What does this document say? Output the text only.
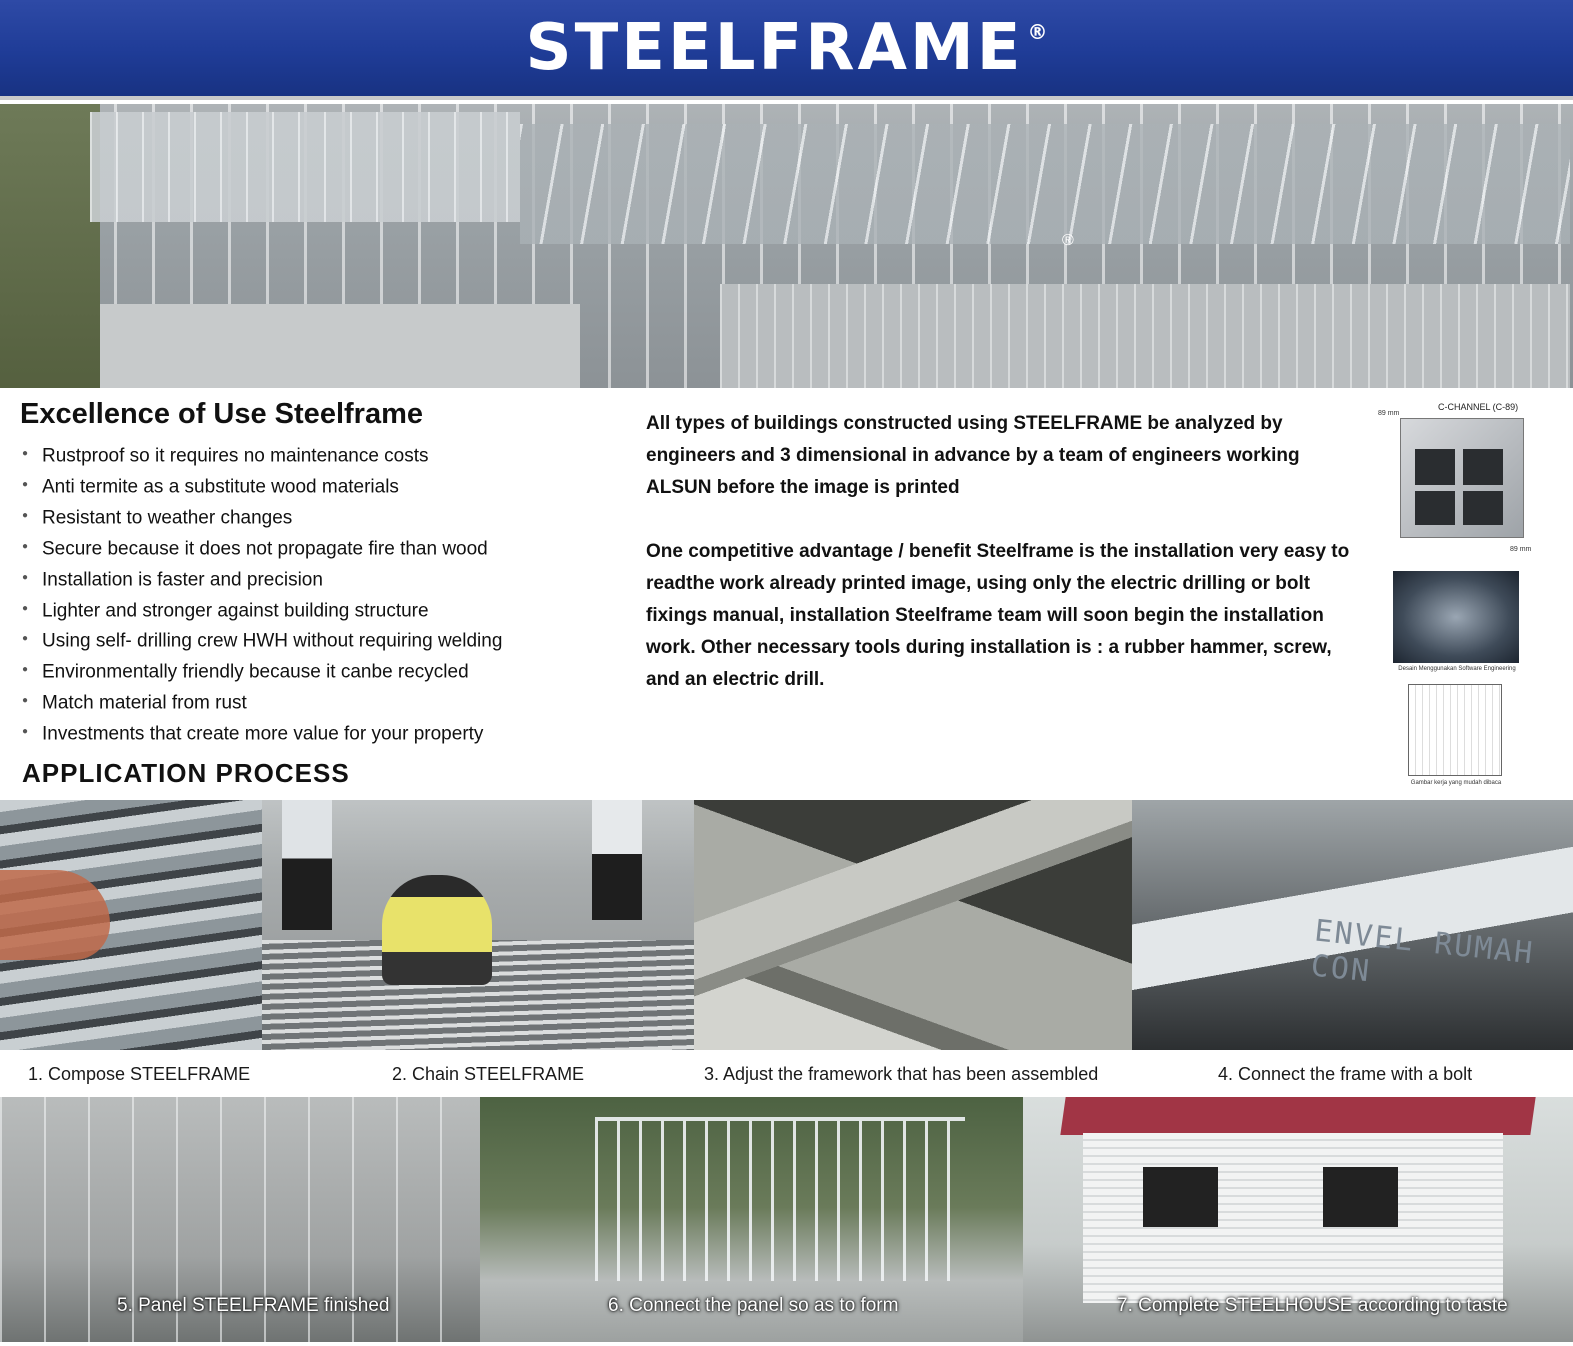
STEELFRAME ®
®
Excellence of Use Steelframe
● Rustproof so it requires no maintenance costs
● Anti termite as a substitute wood materials
● Resistant to weather changes
● Secure because it does not propagate fire than wood
● Installation is faster and precision
● Lighter and stronger against building structure
● Using self- drilling crew HWH without requiring welding
● Environmentally friendly because it canbe recycled
● Match material from rust
● Investments that create more value for your property
APPLICATION PROCESS
All types of buildings constructed using STEELFRAME be analyzed by engineers and 3 dimensional in advance by a team of engineers working ALSUN before the image is printed
One competitive advantage / benefit Steelframe is the installation very easy to readthe work already printed image, using only the electric drilling or bolt fixings manual, installation Steelframe team will soon begin the installation work. Other necessary tools during installation is : a rubber hammer, screw, and an electric drill.
C-CHANNEL (C-89)
89 mm
89 mm
Desain Menggunakan Software Engineering
Gambar kerja yang mudah dibaca
ENVEL RUMAH CON
1. Compose STEELFRAME	2. Chain STEELFRAME	3. Adjust the framework that has been assembled	4. Connect the frame with a bolt
5. Panel STEELFRAME finished	6. Connect the panel so as to form	7. Complete STEELHOUSE according to taste
